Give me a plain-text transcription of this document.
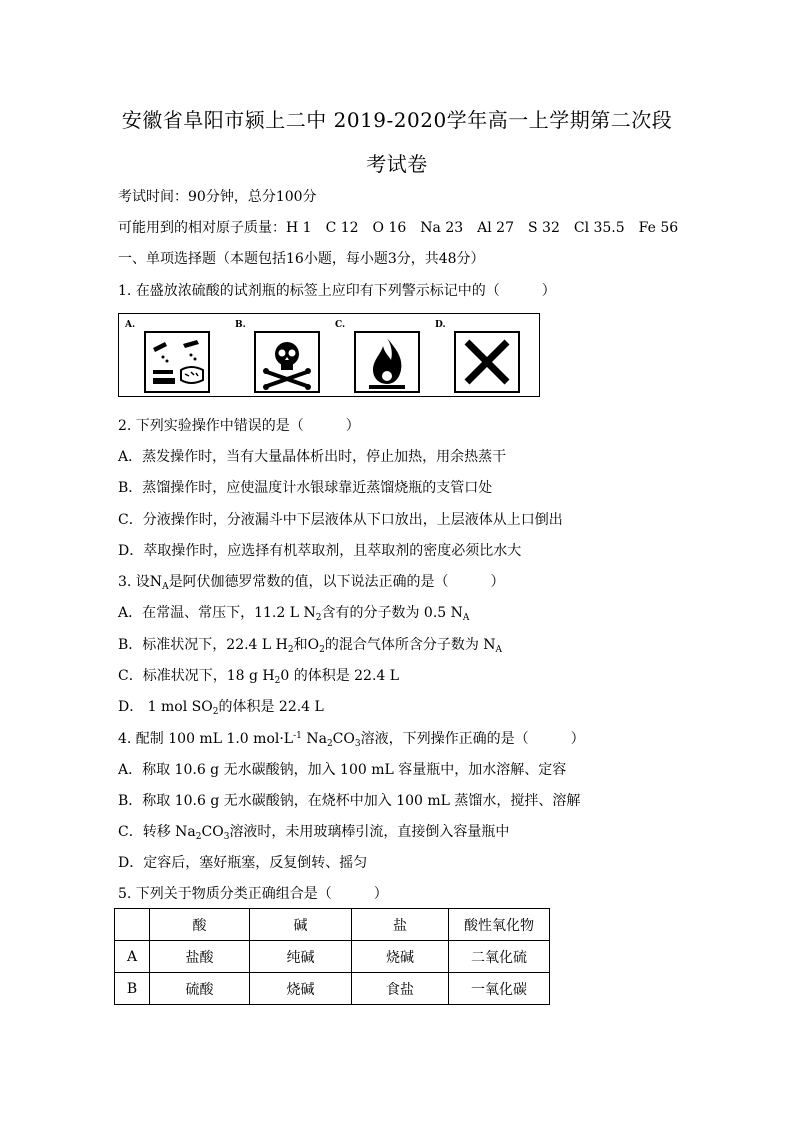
安徽省阜阳市颍上二中 2019-2020学年高一上学期第二次段
考试卷
考试时间：90分钟，总分100分
可能用到的相对原子质量：H 1　C 12　O 16　Na 23　Al 27　S 32　Cl 35.5　Fe 56
一、单项选择题（本题包括16小题，每小题3分，共48分）
1. 在盛放浓硫酸的试剂瓶的标签上应印有下列警示标记中的（　　　）
A.	B.	C.	D.
2. 下列实验操作中错误的是（　　　）
A．蒸发操作时，当有大量晶体析出时，停止加热，用余热蒸干
B．蒸馏操作时，应使温度计水银球靠近蒸馏烧瓶的支管口处
C．分液操作时，分液漏斗中下层液体从下口放出，上层液体从上口倒出
D．萃取操作时，应选择有机萃取剂，且萃取剂的密度必须比水大
3. 设$N_A$是阿伏伽德罗常数的值，以下说法正确的是（　　　）
A．在常温、常压下，11.2 L $N_2$含有的分子数为 0.5 $N_A$
B．标准状况下，22.4 L $H_2$和$O_2$的混合气体所含分子数为 $N_A$
C．标准状况下，18 g $H_20$ 的体积是 22.4 L
D． 1 mol $SO_2$的体积是 22.4 L
4. 配制 100 mL 1.0 $mol\cdot L^{-1}$ $Na_2CO_3$溶液，下列操作正确的是（　　　）
A．称取 10.6 g 无水碳酸钠，加入 100 mL 容量瓶中，加水溶解、定容
B．称取 10.6 g 无水碳酸钠，在烧杯中加入 100 mL 蒸馏水，搅拌、溶解
C．转移 $Na_2CO_3$溶液时，未用玻璃棒引流，直接倒入容量瓶中
D．定容后，塞好瓶塞，反复倒转、摇匀
5. 下列关于物质分类正确组合是（　　　）
	酸	碱	盐	酸性氧化物
A	盐酸	纯碱	烧碱	二氧化硫
B	硫酸	烧碱	食盐	一氧化碳
